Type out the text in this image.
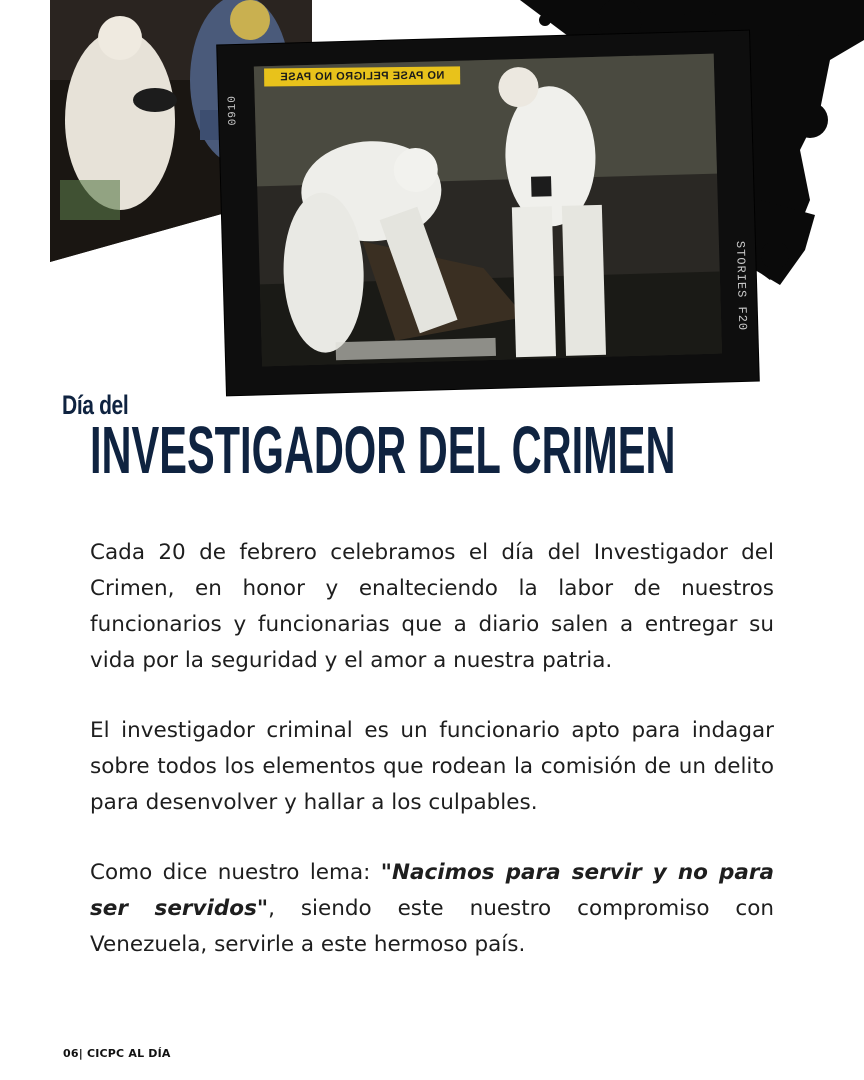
NO PASE PELIGRO NO PASE
0910
STORIES F20
Día del
INVESTIGADOR DEL CRIMEN

Cada 20 de febrero celebramos el día del Investigador del Crimen, en honor y enalteciendo la labor de nuestros funcionarios y funcionarias que a diario salen a entregar su vida por la seguridad y el amor a nuestra patria.

El investigador criminal es un funcionario apto para indagar sobre todos los elementos que rodean la comisión de un delito para desenvolver y hallar a los culpables.

Como dice nuestro lema: "Nacimos para servir y no para ser servidos", siendo este nuestro compromiso con Venezuela, servirle a este hermoso país.

06| CICPC AL DÍA
